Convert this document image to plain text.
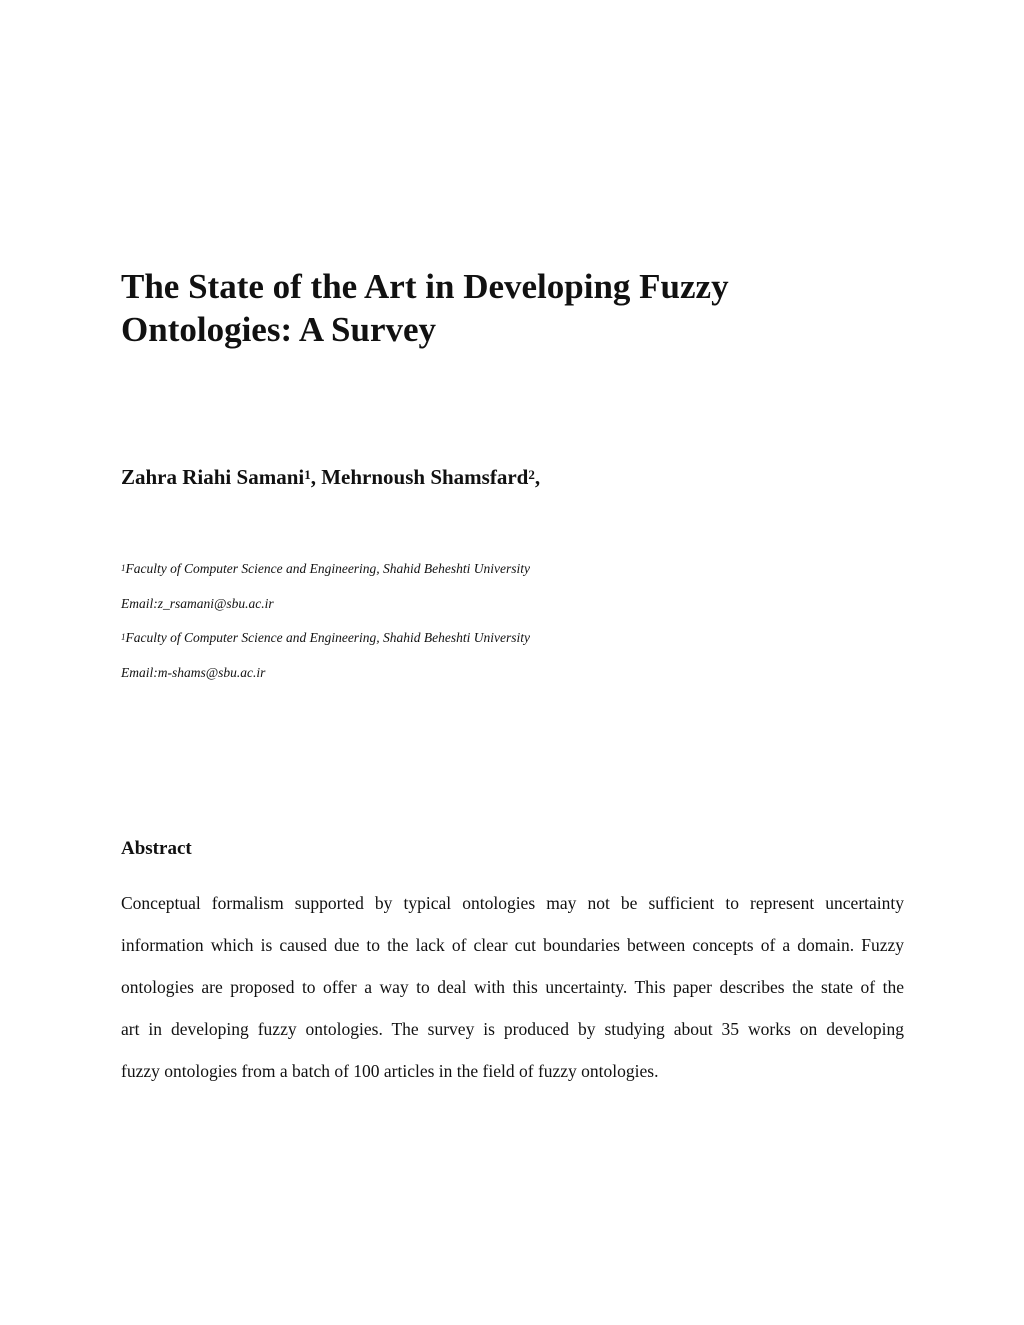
The State of the Art in Developing Fuzzy
Ontologies: A Survey
Zahra Riahi Samani$^1$, Mehrnoush Shamsfard$^2$,
$^1$Faculty of Computer Science and Engineering, Shahid Beheshti University
Email:z_rsamani@sbu.ac.ir
$^1$Faculty of Computer Science and Engineering, Shahid Beheshti University
Email:m-shams@sbu.ac.ir
Abstract
Conceptual formalism supported by typical ontologies may not be sufficient to represent uncertainty
information which is caused due to the lack of clear cut boundaries between concepts of a domain. Fuzzy
ontologies are proposed to offer a way to deal with this uncertainty. This paper describes the state of the
art in developing fuzzy ontologies. The survey is produced by studying about 35 works on developing
fuzzy ontologies from a batch of 100 articles in the field of fuzzy ontologies.
